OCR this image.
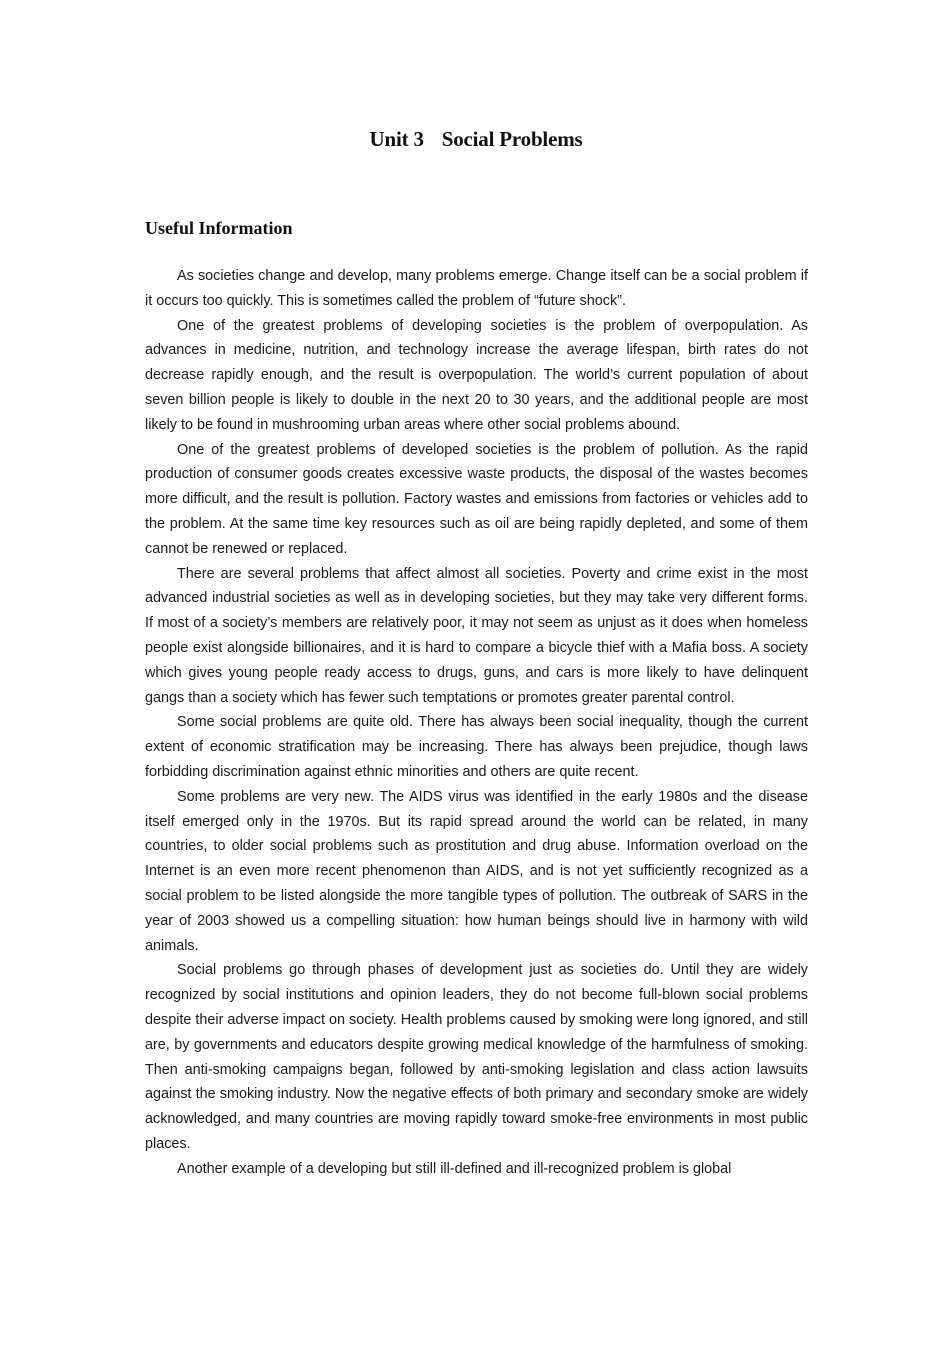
Unit 3 Social Problems
Useful Information

As societies change and develop, many problems emerge. Change itself can be a social problem if it occurs too quickly. This is sometimes called the problem of “future shock”.

One of the greatest problems of developing societies is the problem of overpopulation. As advances in medicine, nutrition, and technology increase the average lifespan, birth rates do not decrease rapidly enough, and the result is overpopulation. The world’s current population of about seven billion people is likely to double in the next 20 to 30 years, and the additional people are most likely to be found in mushrooming urban areas where other social problems abound.

One of the greatest problems of developed societies is the problem of pollution. As the rapid production of consumer goods creates excessive waste products, the disposal of the wastes becomes more difficult, and the result is pollution. Factory wastes and emissions from factories or vehicles add to the problem. At the same time key resources such as oil are being rapidly depleted, and some of them cannot be renewed or replaced.

There are several problems that affect almost all societies. Poverty and crime exist in the most advanced industrial societies as well as in developing societies, but they may take very different forms. If most of a society’s members are relatively poor, it may not seem as unjust as it does when homeless people exist alongside billionaires, and it is hard to compare a bicycle thief with a Mafia boss. A society which gives young people ready access to drugs, guns, and cars is more likely to have delinquent gangs than a society which has fewer such temptations or promotes greater parental control.

Some social problems are quite old. There has always been social inequality, though the current extent of economic stratification may be increasing. There has always been prejudice, though laws forbidding discrimination against ethnic minorities and others are quite recent.

Some problems are very new. The AIDS virus was identified in the early 1980s and the disease itself emerged only in the 1970s. But its rapid spread around the world can be related, in many countries, to older social problems such as prostitution and drug abuse. Information overload on the Internet is an even more recent phenomenon than AIDS, and is not yet sufficiently recognized as a social problem to be listed alongside the more tangible types of pollution. The outbreak of SARS in the year of 2003 showed us a compelling situation: how human beings should live in harmony with wild animals.

Social problems go through phases of development just as societies do. Until they are widely recognized by social institutions and opinion leaders, they do not become full-blown social problems despite their adverse impact on society. Health problems caused by smoking were long ignored, and still are, by governments and educators despite growing medical knowledge of the harmfulness of smoking. Then anti-smoking campaigns began, followed by anti-smoking legislation and class action lawsuits against the smoking industry. Now the negative effects of both primary and secondary smoke are widely acknowledged, and many countries are moving rapidly toward smoke-free environments in most public places.

Another example of a developing but still ill-defined and ill-recognized problem is global
